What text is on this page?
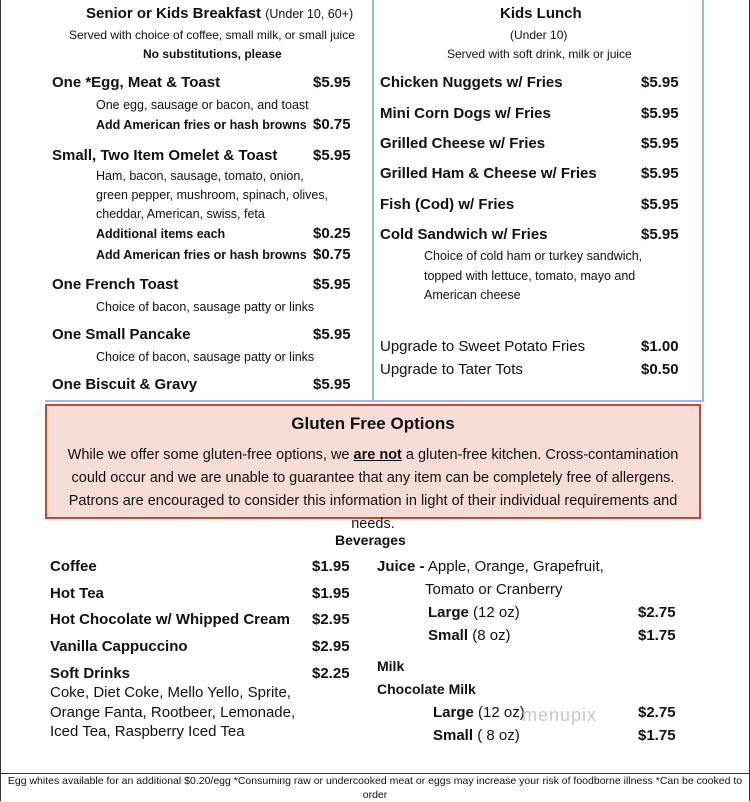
Senior or Kids Breakfast (Under 10, 60+)
Served with choice of coffee, small milk, or small juice
No substitutions, please
One *Egg, Meat & Toast	$5.95
One egg, sausage or bacon, and toast
Add American fries or hash browns $0.75
Small, Two Item Omelet & Toast $5.95
Ham, bacon, sausage, tomato, onion,
green pepper, mushroom, spinach, olives,
cheddar, American, swiss, feta
Additional items each	$0.25
Add American fries or hash browns $0.75
One French Toast	$5.95
Choice of bacon, sausage patty or links
One Small Pancake	$5.95
Choice of bacon, sausage patty or links
One Biscuit & Gravy	$5.95
Kids Lunch
(Under 10)
Served with soft drink, milk or juice
Chicken Nuggets w/ Fries	$5.95
Mini Corn Dogs w/ Fries	$5.95
Grilled Cheese w/ Fries	$5.95
Grilled Ham & Cheese w/ Fries	$5.95
Fish (Cod) w/ Fries	$5.95
Cold Sandwich w/ Fries	$5.95
Choice of cold ham or turkey sandwich,
topped with lettuce, tomato, mayo and
American cheese
Upgrade to Sweet Potato Fries	$1.00
Upgrade to Tater Tots	$0.50
Gluten Free Options
While we offer some gluten-free options, we are not a gluten-free kitchen. Cross-contamination could occur and we are unable to guarantee that any item can be completely free of allergens. Patrons are encouraged to consider this information in light of their individual requirements and needs.
Beverages
Coffee	$1.95
Hot Tea	$1.95
Hot Chocolate w/ Whipped Cream $2.95
Vanilla Cappuccino	$2.95
Soft Drinks	$2.25
Coke, Diet Coke, Mello Yello, Sprite,
Orange Fanta, Rootbeer, Lemonade,
Iced Tea, Raspberry Iced Tea
Juice - Apple, Orange, Grapefruit,
Tomato or Cranberry
Large (12 oz)	$2.75
Small (8 oz)	$1.75
Milk
Chocolate Milk
Large (12 oz)	$2.75
Small ( 8 oz)	$1.75
menupix
Egg whites available for an additional $0.20/egg *Consuming raw or undercooked meat or eggs may increase your risk of foodborne illness *Can be cooked to order
